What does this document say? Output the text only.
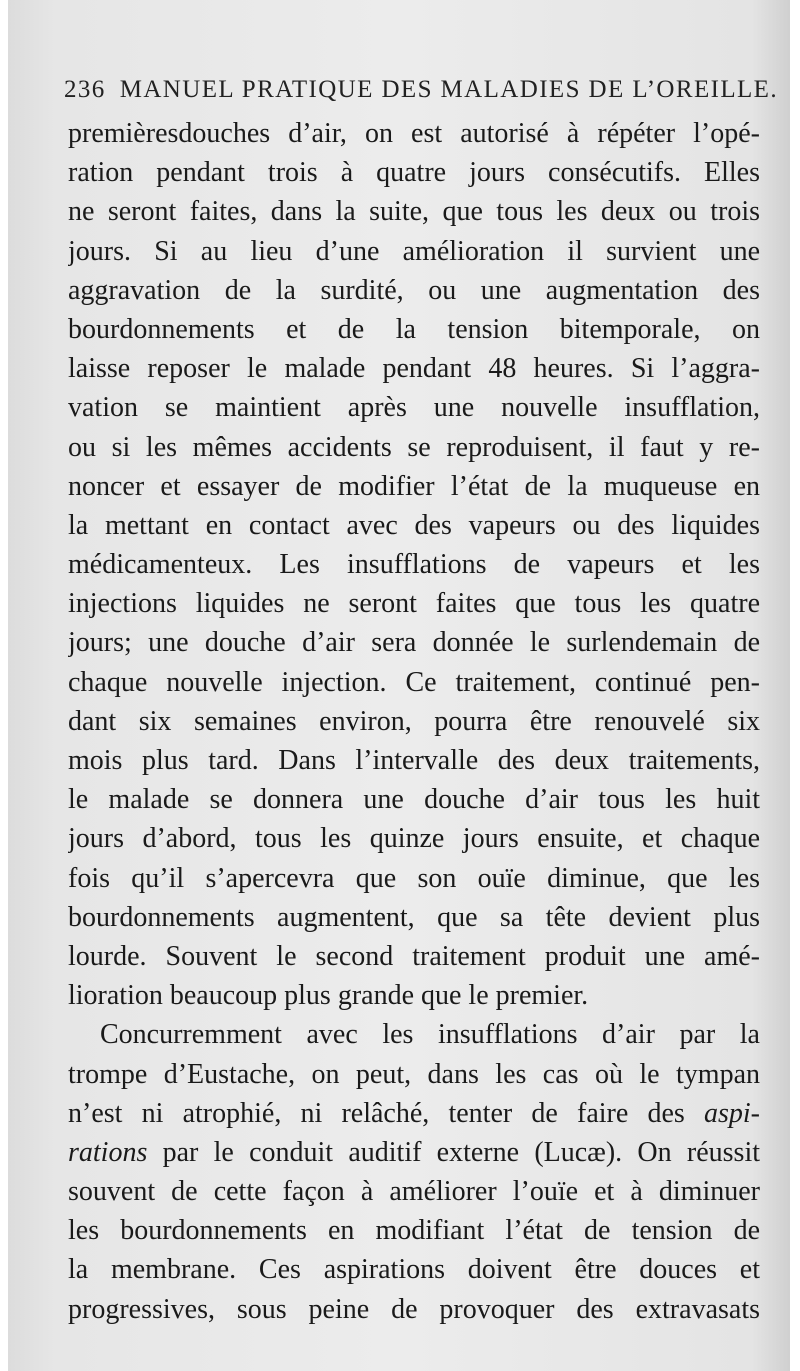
236 MANUEL PRATIQUE DES MALADIES DE L’OREILLE.
premièresdouches d’air, on est autorisé à répéter l’opé-
ration pendant trois à quatre jours consécutifs. Elles
ne seront faites, dans la suite, que tous les deux ou trois
jours. Si au lieu d’une amélioration il survient une
aggravation de la surdité, ou une augmentation des
bourdonnements et de la tension bitemporale, on
laisse reposer le malade pendant 48 heures. Si l’aggra-
vation se maintient après une nouvelle insufflation,
ou si les mêmes accidents se reproduisent, il faut y re-
noncer et essayer de modifier l’état de la muqueuse en
la mettant en contact avec des vapeurs ou des liquides
médicamenteux. Les insufflations de vapeurs et les
injections liquides ne seront faites que tous les quatre
jours; une douche d’air sera donnée le surlendemain de
chaque nouvelle injection. Ce traitement, continué pen-
dant six semaines environ, pourra être renouvelé six
mois plus tard. Dans l’intervalle des deux traitements,
le malade se donnera une douche d’air tous les huit
jours d’abord, tous les quinze jours ensuite, et chaque
fois qu’il s’apercevra que son ouïe diminue, que les
bourdonnements augmentent, que sa tête devient plus
lourde. Souvent le second traitement produit une amé-
lioration beaucoup plus grande que le premier.
Concurremment avec les insufflations d’air par la
trompe d’Eustache, on peut, dans les cas où le tympan
n’est ni atrophié, ni relâché, tenter de faire des aspi-
rations par le conduit auditif externe (Lucæ). On réussit
souvent de cette façon à améliorer l’ouïe et à diminuer
les bourdonnements en modifiant l’état de tension de
la membrane. Ces aspirations doivent être douces et
progressives, sous peine de provoquer des extravasats
